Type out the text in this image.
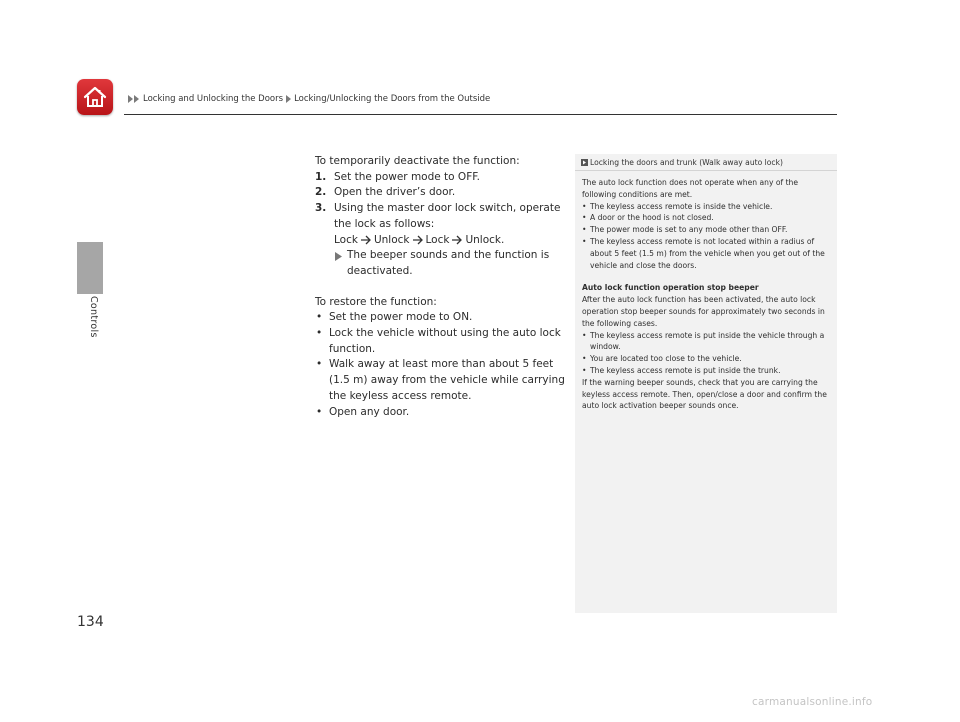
Locking and Unlocking the Doors Locking/Unlocking the Doors from the Outside
Controls
134

To temporarily deactivate the function:

1. Set the power mode to OFF.

2. Open the driver’s door.

3. Using the master door lock switch, operate the lock as follows:

Lock Unlock Lock Unlock.

The beeper sounds and the function is deactivated.

To restore the function:

• Set the power mode to ON.

• Lock the vehicle without using the auto lock function.

• Walk away at least more than about 5 feet (1.5 m) away from the vehicle while carrying the keyless access remote.

• Open any door.

Locking the doors and trunk (Walk away auto lock)

The auto lock function does not operate when any of the following conditions are met.

• The keyless access remote is inside the vehicle.

• A door or the hood is not closed.

• The power mode is set to any mode other than OFF.

• The keyless access remote is not located within a radius of about 5 feet (1.5 m) from the vehicle when you get out of the vehicle and close the doors.

Auto lock function operation stop beeper

After the auto lock function has been activated, the auto lock operation stop beeper sounds for approximately two seconds in the following cases.

• The keyless access remote is put inside the vehicle through a window.

• You are located too close to the vehicle.

• The keyless access remote is put inside the trunk.

If the warning beeper sounds, check that you are carrying the keyless access remote. Then, open/close a door and confirm the auto lock activation beeper sounds once.

carmanualsonline.info
